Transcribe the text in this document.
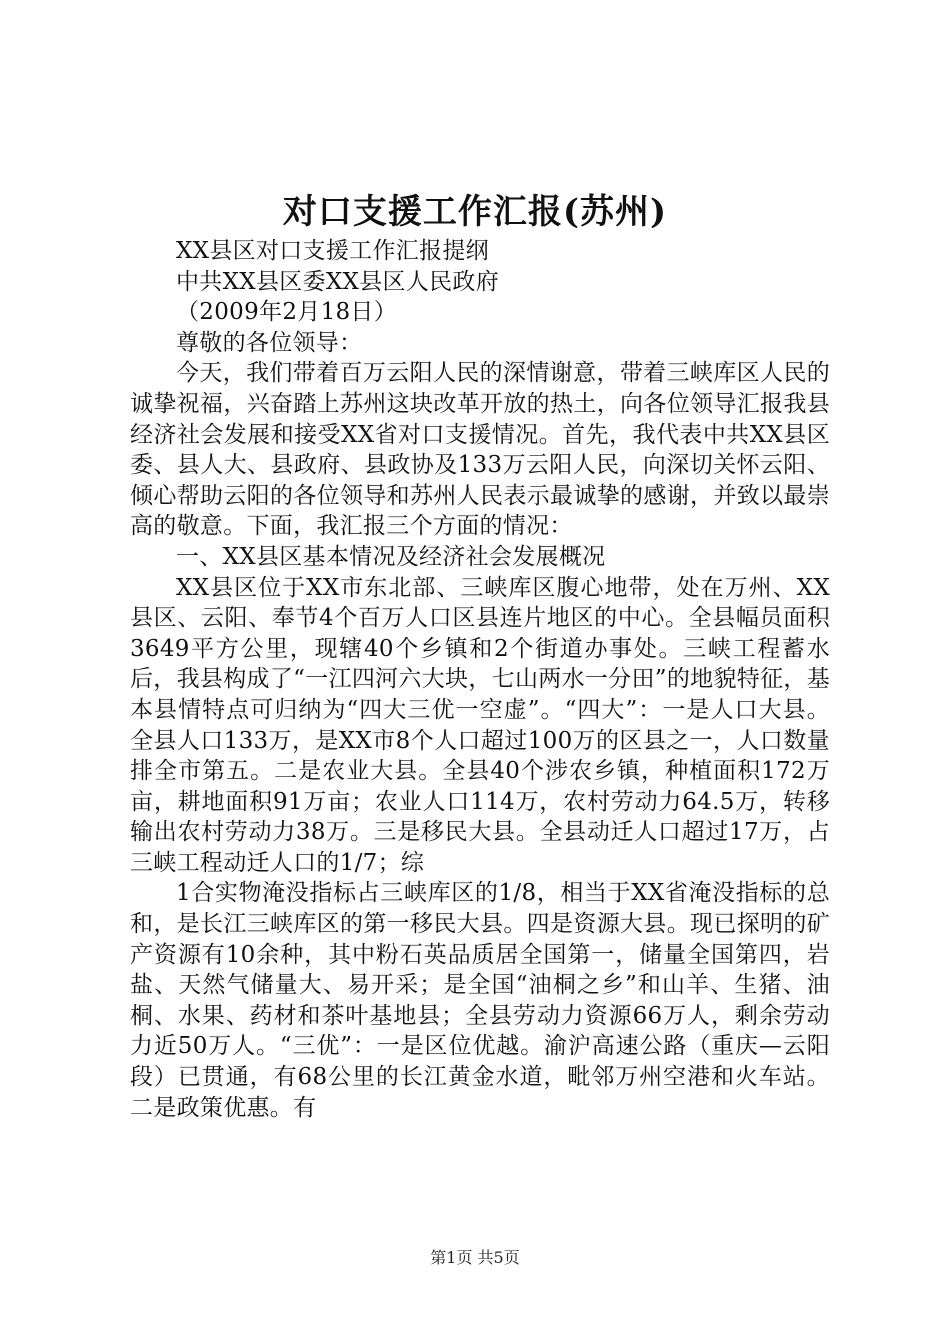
对口支援工作汇报(苏州)

XX县区对口支援工作汇报提纲

中共XX县区委XX县区人民政府

（2009年2月18日）

尊敬的各位领导：

今天，我们带着百万云阳人民的深情谢意，带着三峡库区人民的诚挚祝福，兴奋踏上苏州这块改革开放的热土，向各位领导汇报我县经济社会发展和接受XX省对口支援情况。首先，我代表中共XX县区委、县人大、县政府、县政协及133万云阳人民，向深切关怀云阳、倾心帮助云阳的各位领导和苏州人民表示最诚挚的感谢，并致以最崇高的敬意。下面，我汇报三个方面的情况：

一、XX县区基本情况及经济社会发展概况

XX县区位于XX市东北部、三峡库区腹心地带，处在万州、XX县区、云阳、奉节4个百万人口区县连片地区的中心。全县幅员面积3649平方公里，现辖40个乡镇和2个街道办事处。三峡工程蓄水后，我县构成了“一江四河六大块，七山两水一分田”的地貌特征，基本县情特点可归纳为“四大三优一空虚”。“四大”：一是人口大县。全县人口133万，是XX市8个人口超过100万的区县之一，人口数量排全市第五。二是农业大县。全县40个涉农乡镇，种植面积172万亩，耕地面积91万亩；农业人口114万，农村劳动力64.5万，转移输出农村劳动力38万。三是移民大县。全县动迁人口超过17万，占三峡工程动迁人口的1/7；综

1合实物淹没指标占三峡库区的1/8，相当于XX省淹没指标的总和，是长江三峡库区的第一移民大县。四是资源大县。现已探明的矿产资源有10余种，其中粉石英品质居全国第一，储量全国第四，岩盐、天然气储量大、易开采；是全国“油桐之乡”和山羊、生猪、油桐、水果、药材和茶叶基地县；全县劳动力资源66万人，剩余劳动力近50万人。“三优”：一是区位优越。渝沪高速公路（重庆—云阳段）已贯通，有68公里的长江黄金水道，毗邻万州空港和火车站。二是政策优惠。有

第1页 共5页
